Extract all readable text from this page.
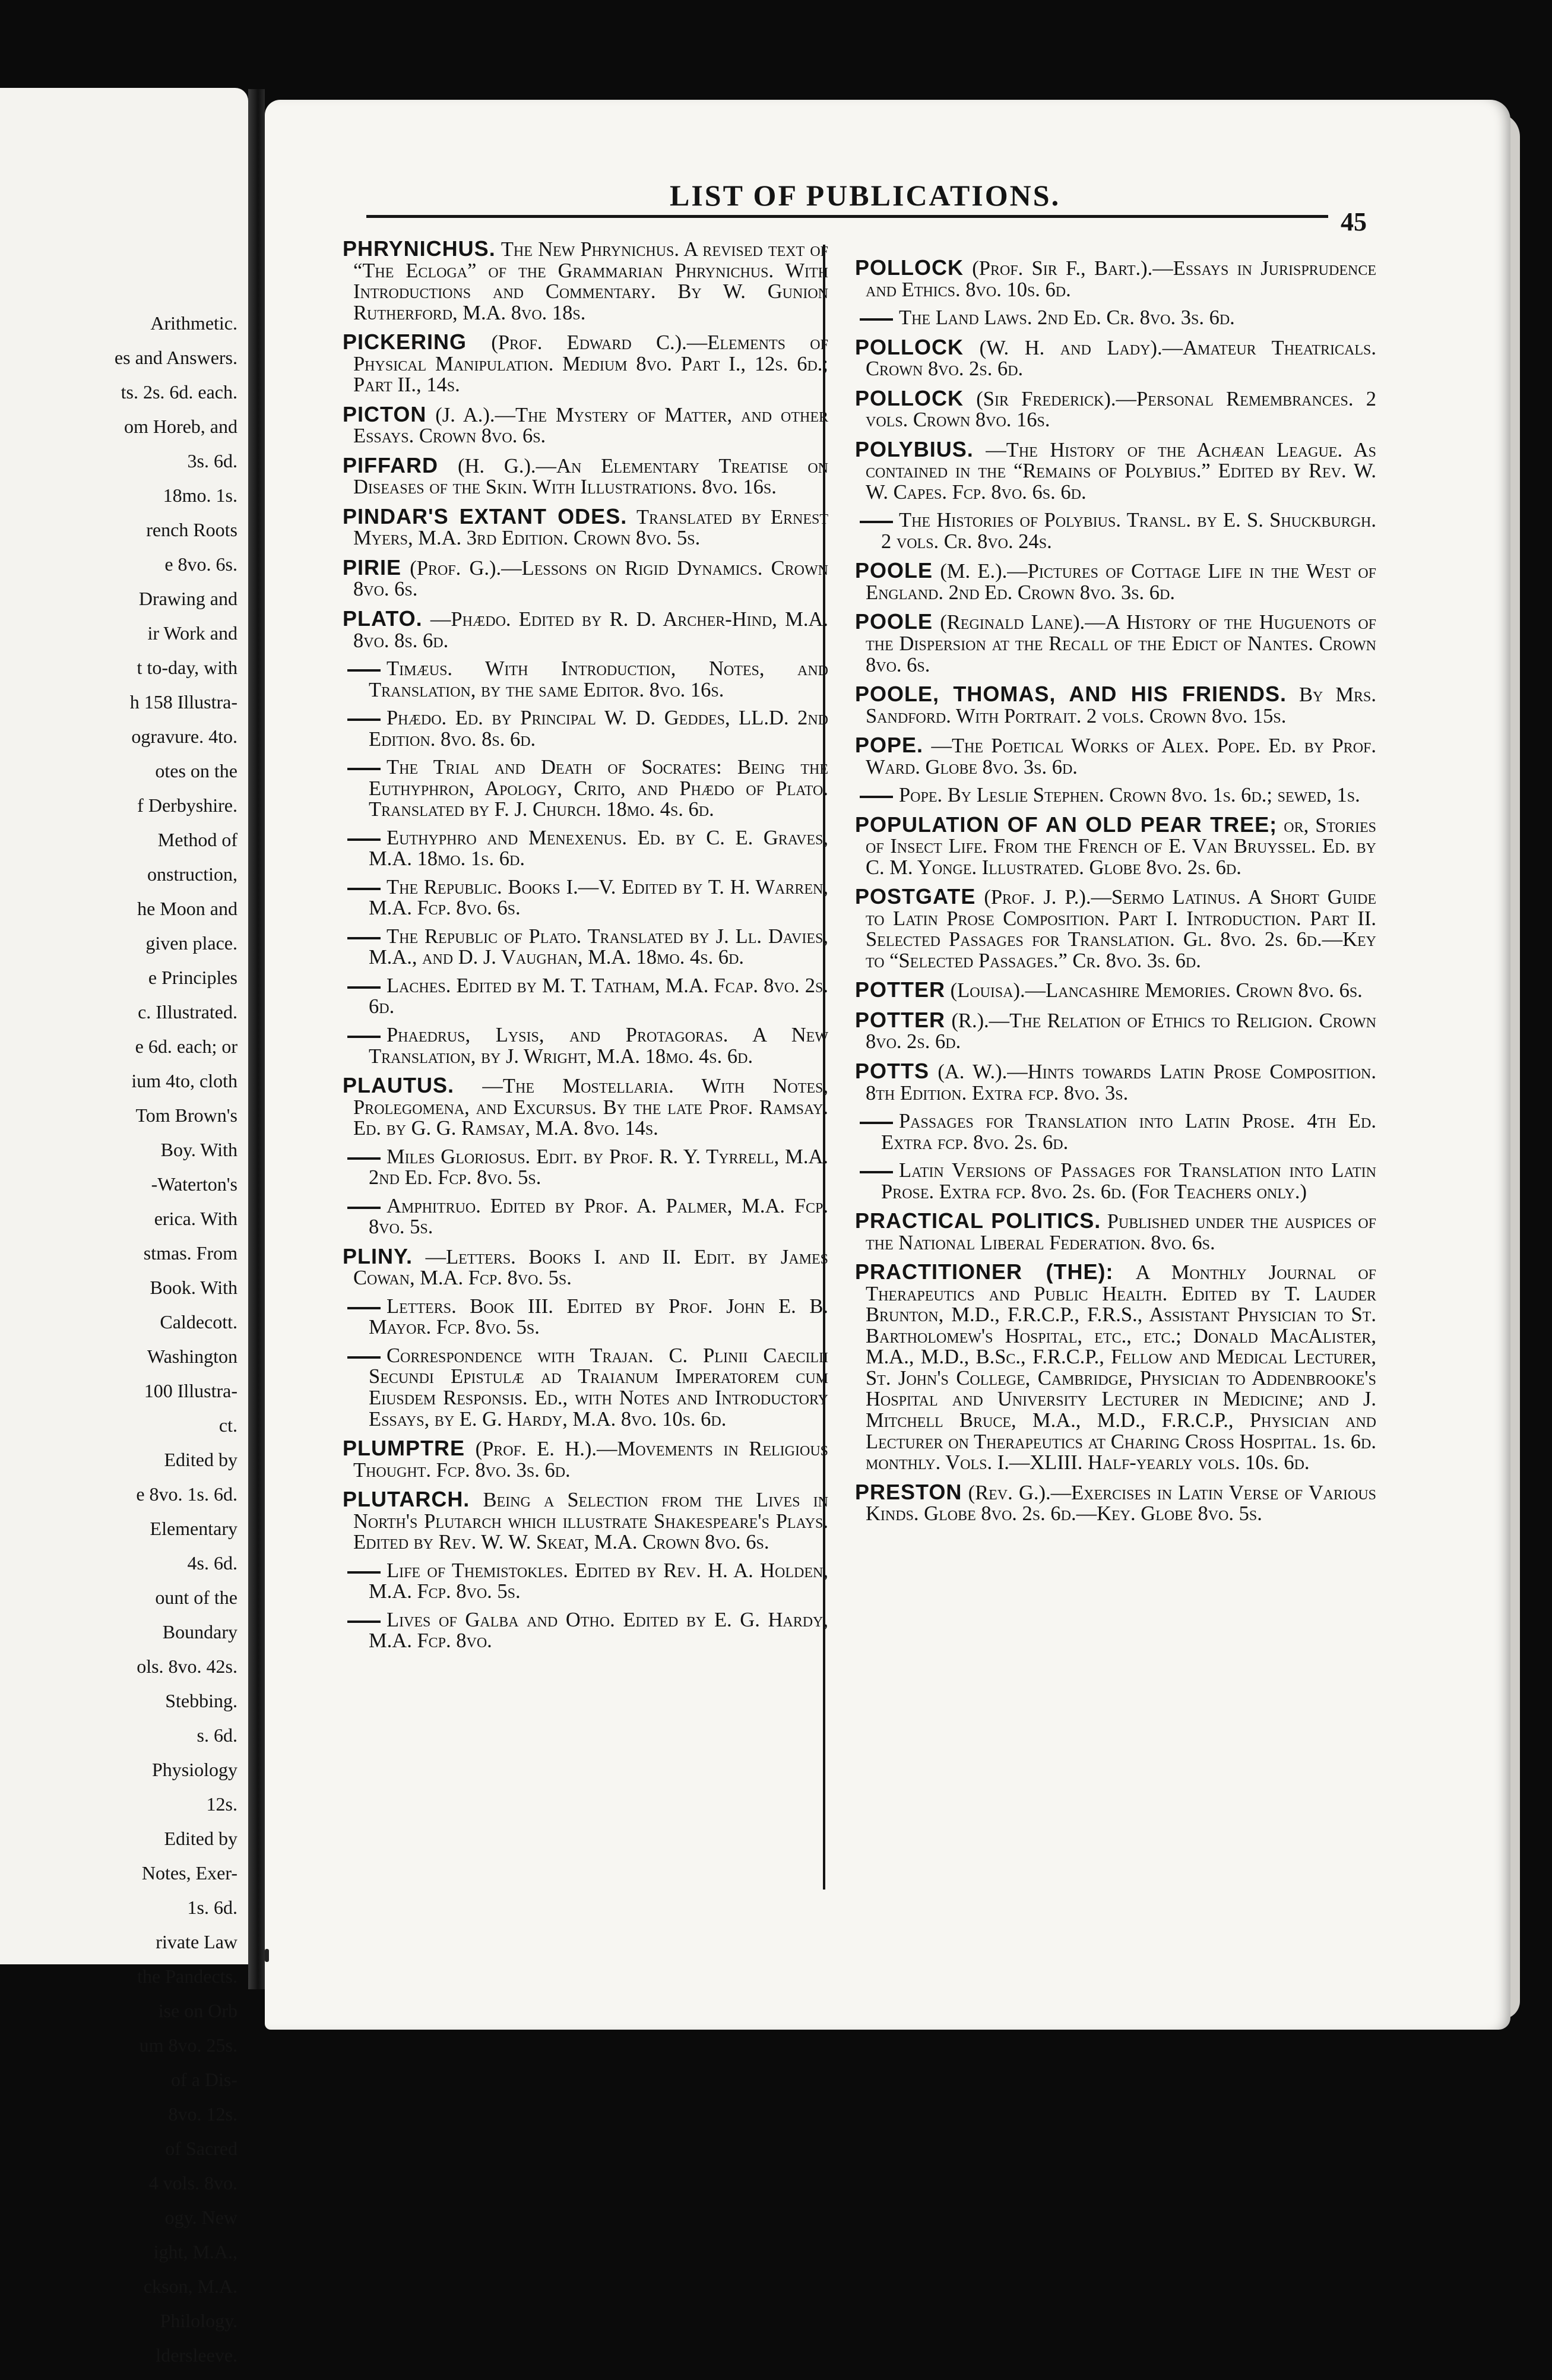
Arithmetic.
es and Answers.
ts. 2s. 6d. each.
om Horeb, and
3s. 6d.
18mo. 1s.
rench Roots
e 8vo. 6s.
Drawing and
ir Work and
t to-day, with
h 158 Illustra-
ogravure. 4to.
otes on the
f Derbyshire.
Method of
onstruction,
he Moon and
given place.
e Principles
c. Illustrated.
e 6d. each; or
ium 4to, cloth
Tom Brown's
Boy. With
-Waterton's
erica. With
stmas. From
Book. With
Caldecott.
Washington
100 Illustra-
ct.
Edited by
e 8vo. 1s. 6d.
Elementary
4s. 6d.
ount of the
Boundary
ols. 8vo. 42s.
Stebbing.
s. 6d.
Physiology
12s.
Edited by
Notes, Exer-
1s. 6d.
rivate Law
the Pandects.
ise on Orb
um 8vo. 25s.
of a Dis-
8vo. 12s.
of Sacred
4 vols. 8vo.
ogy. New
ight, M.A.,
ckson, M.A.
Philology.
ldersleeve.
LIST OF PUBLICATIONS.
45

PHRYNICHUS. The New Phrynichus. A revised text of “The Ecloga” of the Grammarian Phrynichus. With Introductions and Commentary. By W. Gunion Rutherford, M.A. 8vo. 18s.

PICKERING (Prof. Edward C.).—Elements of Physical Manipulation. Medium 8vo. Part I., 12s. 6d.; Part II., 14s.

PICTON (J. A.).—The Mystery of Matter, and other Essays. Crown 8vo. 6s.

PIFFARD (H. G.).—An Elementary Treatise on Diseases of the Skin. With Illustrations. 8vo. 16s.

PINDAR'S EXTANT ODES. Translated by Ernest Myers, M.A. 3rd Edition. Crown 8vo. 5s.

PIRIE (Prof. G.).—Lessons on Rigid Dynamics. Crown 8vo. 6s.

PLATO. —Phædo. Edited by R. D. Archer-Hind, M.A. 8vo. 8s. 6d.

Timæus. With Introduction, Notes, and Translation, by the same Editor. 8vo. 16s.

Phædo. Ed. by Principal W. D. Geddes, LL.D. 2nd Edition. 8vo. 8s. 6d.

The Trial and Death of Socrates: Being the Euthyphron, Apology, Crito, and Phædo of Plato. Translated by F. J. Church. 18mo. 4s. 6d.

Euthyphro and Menexenus. Ed. by C. E. Graves, M.A. 18mo. 1s. 6d.

The Republic. Books I.—V. Edited by T. H. Warren, M.A. Fcp. 8vo. 6s.

The Republic of Plato. Translated by J. Ll. Davies, M.A., and D. J. Vaughan, M.A. 18mo. 4s. 6d.

Laches. Edited by M. T. Tatham, M.A. Fcap. 8vo. 2s. 6d.

Phaedrus, Lysis, and Protagoras. A New Translation, by J. Wright, M.A. 18mo. 4s. 6d.

PLAUTUS. —The Mostellaria. With Notes, Prolegomena, and Excursus. By the late Prof. Ramsay. Ed. by G. G. Ramsay, M.A. 8vo. 14s.

Miles Gloriosus. Edit. by Prof. R. Y. Tyrrell, M.A. 2nd Ed. Fcp. 8vo. 5s.

Amphitruo. Edited by Prof. A. Palmer, M.A. Fcp. 8vo. 5s.

PLINY. —Letters. Books I. and II. Edit. by James Cowan, M.A. Fcp. 8vo. 5s.

Letters. Book III. Edited by Prof. John E. B. Mayor. Fcp. 8vo. 5s.

Correspondence with Trajan. C. Plinii Caecilii Secundi Epistulæ ad Traianum Imperatorem cum Eiusdem Responsis. Ed., with Notes and Introductory Essays, by E. G. Hardy, M.A. 8vo. 10s. 6d.

PLUMPTRE (Prof. E. H.).—Movements in Religious Thought. Fcp. 8vo. 3s. 6d.

PLUTARCH. Being a Selection from the Lives in North's Plutarch which illustrate Shakespeare's Plays. Edited by Rev. W. W. Skeat, M.A. Crown 8vo. 6s.

Life of Themistokles. Edited by Rev. H. A. Holden, M.A. Fcp. 8vo. 5s.

Lives of Galba and Otho. Edited by E. G. Hardy, M.A. Fcp. 8vo.

POLLOCK (Prof. Sir F., Bart.).—Essays in Jurisprudence and Ethics. 8vo. 10s. 6d.

The Land Laws. 2nd Ed. Cr. 8vo. 3s. 6d.

POLLOCK (W. H. and Lady).—Amateur Theatricals. Crown 8vo. 2s. 6d.

POLLOCK (Sir Frederick).—Personal Remembrances. 2 vols. Crown 8vo. 16s.

POLYBIUS. —The History of the Achæan League. As contained in the “Remains of Polybius.” Edited by Rev. W. W. Capes. Fcp. 8vo. 6s. 6d.

The Histories of Polybius. Transl. by E. S. Shuckburgh. 2 vols. Cr. 8vo. 24s.

POOLE (M. E.).—Pictures of Cottage Life in the West of England. 2nd Ed. Crown 8vo. 3s. 6d.

POOLE (Reginald Lane).—A History of the Huguenots of the Dispersion at the Recall of the Edict of Nantes. Crown 8vo. 6s.

POOLE, THOMAS, AND HIS FRIENDS. By Mrs. Sandford. With Portrait. 2 vols. Crown 8vo. 15s.

POPE. —The Poetical Works of Alex. Pope. Ed. by Prof. Ward. Globe 8vo. 3s. 6d.

Pope. By Leslie Stephen. Crown 8vo. 1s. 6d.; sewed, 1s.

POPULATION OF AN OLD PEAR TREE; or, Stories of Insect Life. From the French of E. Van Bruyssel. Ed. by C. M. Yonge. Illustrated. Globe 8vo. 2s. 6d.

POSTGATE (Prof. J. P.).—Sermo Latinus. A Short Guide to Latin Prose Composition. Part I. Introduction. Part II. Selected Passages for Translation. Gl. 8vo. 2s. 6d.—Key to “Selected Passages.” Cr. 8vo. 3s. 6d.

POTTER (Louisa).—Lancashire Memories. Crown 8vo. 6s.

POTTER (R.).—The Relation of Ethics to Religion. Crown 8vo. 2s. 6d.

POTTS (A. W.).—Hints towards Latin Prose Composition. 8th Edition. Extra fcp. 8vo. 3s.

Passages for Translation into Latin Prose. 4th Ed. Extra fcp. 8vo. 2s. 6d.

Latin Versions of Passages for Translation into Latin Prose. Extra fcp. 8vo. 2s. 6d. (For Teachers only.)

PRACTICAL POLITICS. Published under the auspices of the National Liberal Federation. 8vo. 6s.

PRACTITIONER (THE): A Monthly Journal of Therapeutics and Public Health. Edited by T. Lauder Brunton, M.D., F.R.C.P., F.R.S., Assistant Physician to St. Bartholomew's Hospital, etc., etc.; Donald MacAlister, M.A., M.D., B.Sc., F.R.C.P., Fellow and Medical Lecturer, St. John's College, Cambridge, Physician to Addenbrooke's Hospital and University Lecturer in Medicine; and J. Mitchell Bruce, M.A., M.D., F.R.C.P., Physician and Lecturer on Therapeutics at Charing Cross Hospital. 1s. 6d. monthly. Vols. I.—XLIII. Half-yearly vols. 10s. 6d.

PRESTON (Rev. G.).—Exercises in Latin Verse of Various Kinds. Globe 8vo. 2s. 6d.—Key. Globe 8vo. 5s.
